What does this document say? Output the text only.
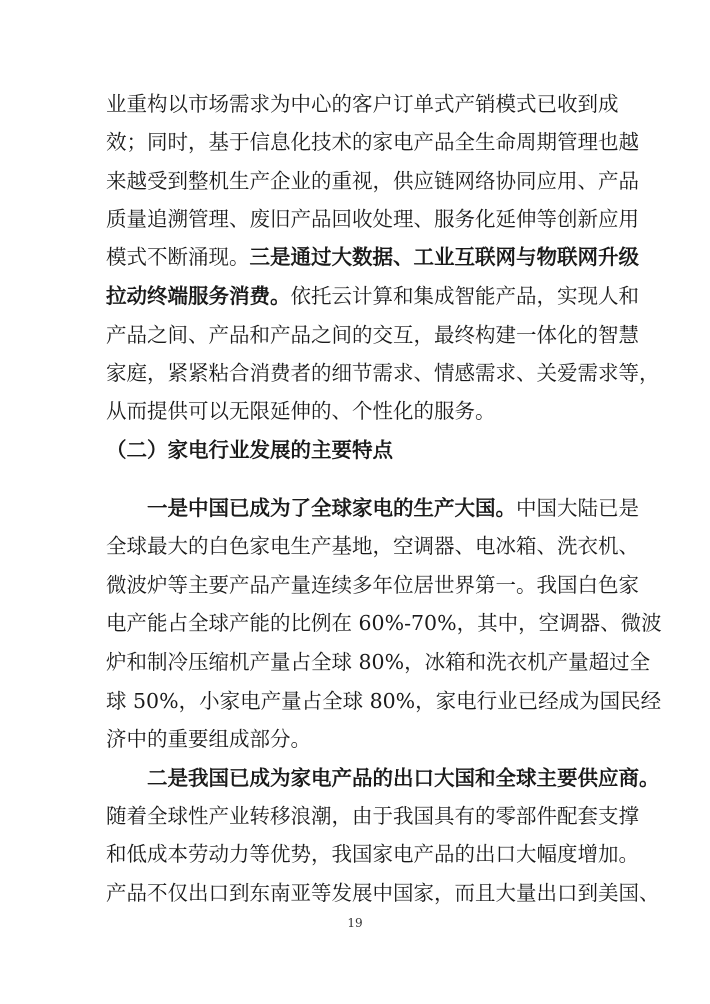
业重构以市场需求为中心的客户订单式产销模式已收到成
效；同时，基于信息化技术的家电产品全生命周期管理也越
来越受到整机生产企业的重视，供应链网络协同应用、产品
质量追溯管理、废旧产品回收处理、服务化延伸等创新应用
模式不断涌现。三是通过大数据、工业互联网与物联网升级
拉动终端服务消费。依托云计算和集成智能产品，实现人和
产品之间、产品和产品之间的交互，最终构建一体化的智慧
家庭，紧紧粘合消费者的细节需求、情感需求、关爱需求等，
从而提供可以无限延伸的、个性化的服务。
（二）家电行业发展的主要特点
一是中国已成为了全球家电的生产大国。中国大陆已是
全球最大的白色家电生产基地，空调器、电冰箱、洗衣机、
微波炉等主要产品产量连续多年位居世界第一。我国白色家
电产能占全球产能的比例在 60%-70%，其中，空调器、微波
炉和制冷压缩机产量占全球 80%，冰箱和洗衣机产量超过全
球 50%，小家电产量占全球 80%，家电行业已经成为国民经
济中的重要组成部分。
二是我国已成为家电产品的出口大国和全球主要供应商。
随着全球性产业转移浪潮，由于我国具有的零部件配套支撑
和低成本劳动力等优势，我国家电产品的出口大幅度增加。
产品不仅出口到东南亚等发展中国家，而且大量出口到美国、
19
